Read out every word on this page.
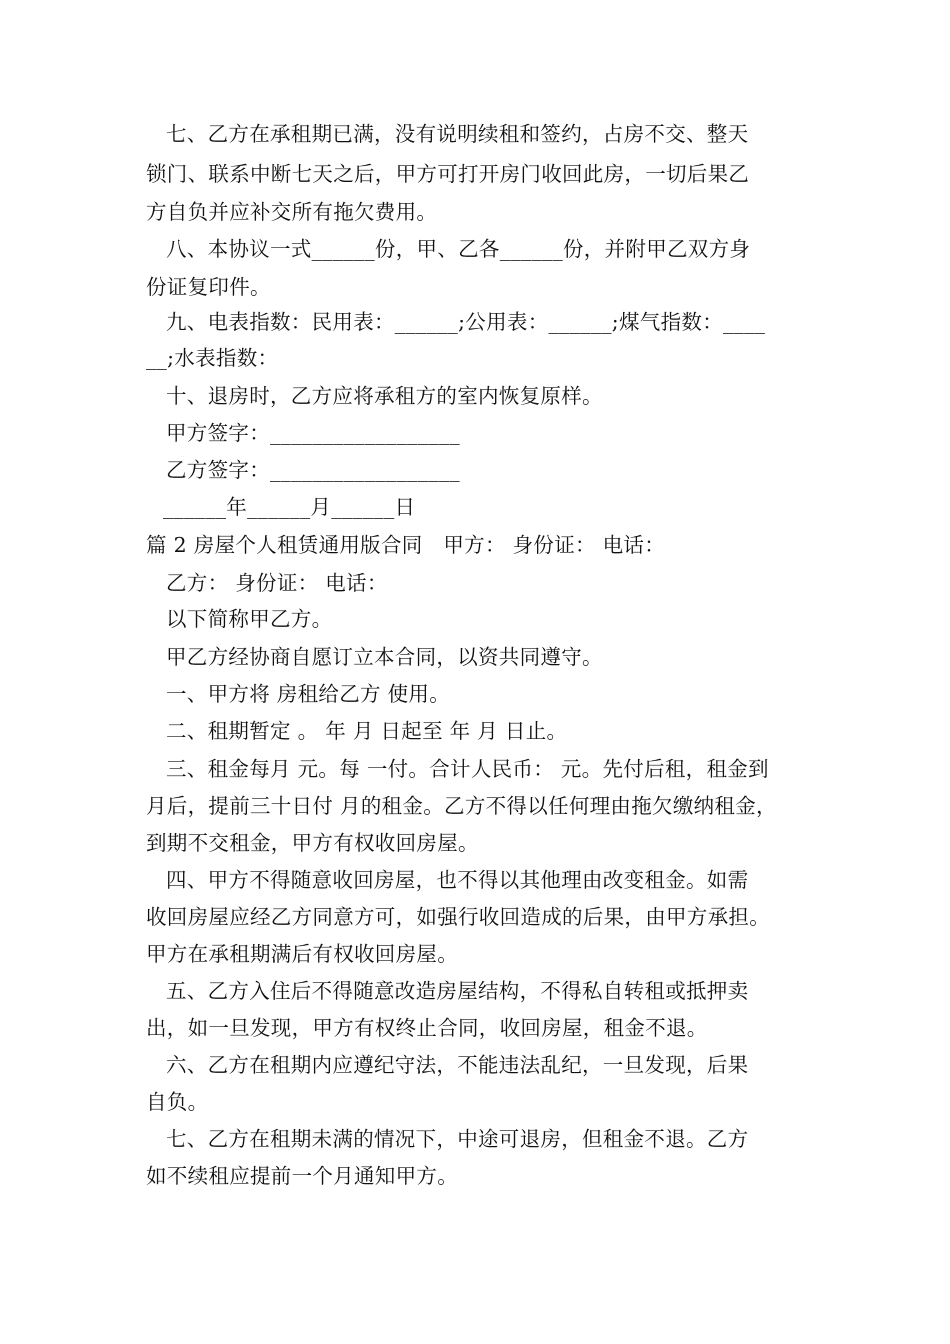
七、乙方在承租期已满，没有说明续租和签约，占房不交、整天
锁门、联系中断七天之后，甲方可打开房门收回此房，一切后果乙
方自负并应补交所有拖欠费用。
八、本协议一式______份，甲、乙各______份，并附甲乙双方身
份证复印件。
九、电表指数：民用表：______;公用表：______;煤气指数：____
__;水表指数：
十、退房时，乙方应将承租方的室内恢复原样。
甲方签字：__________________
乙方签字：__________________
______年______月______日
篇 2 房屋个人租赁通用版合同　甲方： 身份证： 电话：
乙方： 身份证： 电话：
以下简称甲乙方。
甲乙方经协商自愿订立本合同，以资共同遵守。
一、甲方将 房租给乙方 使用。
二、租期暂定 。 年 月 日起至 年 月 日止。
三、租金每月 元。每 一付。合计人民币： 元。先付后租，租金到
月后，提前三十日付 月的租金。乙方不得以任何理由拖欠缴纳租金，
到期不交租金，甲方有权收回房屋。
四、甲方不得随意收回房屋，也不得以其他理由改变租金。如需
收回房屋应经乙方同意方可，如强行收回造成的后果，由甲方承担。
甲方在承租期满后有权收回房屋。
五、乙方入住后不得随意改造房屋结构，不得私自转租或抵押卖
出，如一旦发现，甲方有权终止合同，收回房屋，租金不退。
六、乙方在租期内应遵纪守法，不能违法乱纪，一旦发现，后果
自负。
七、乙方在租期未满的情况下，中途可退房，但租金不退。乙方
如不续租应提前一个月通知甲方。
